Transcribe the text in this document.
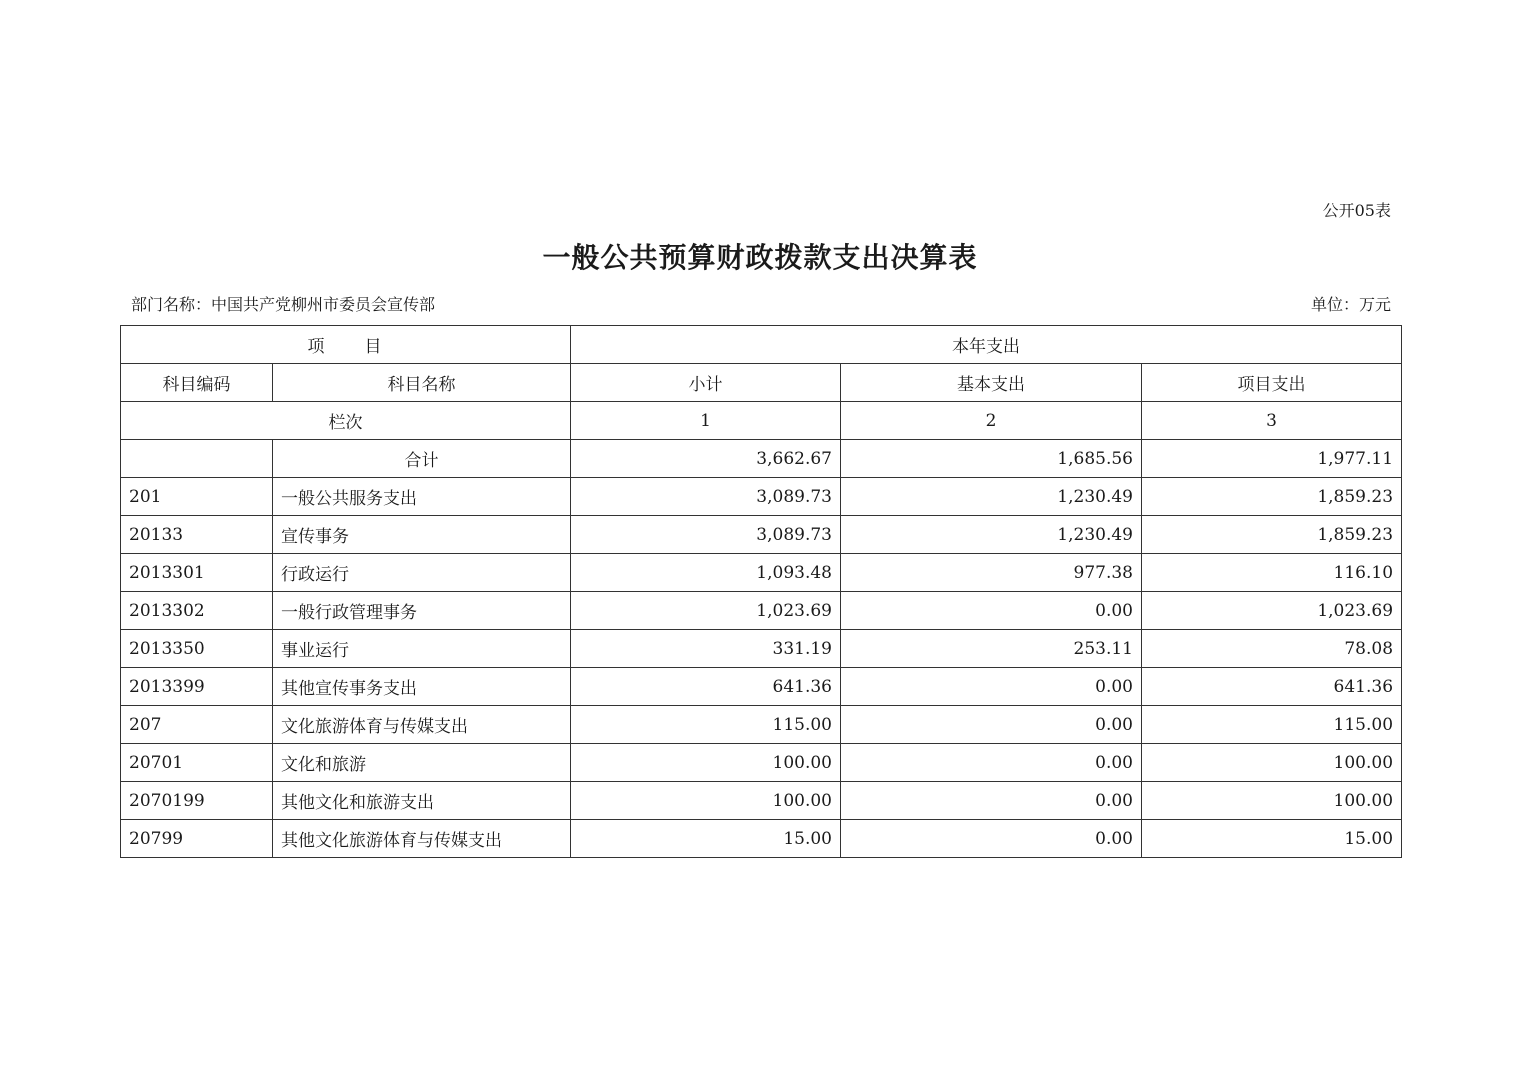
公开05表
一般公共预算财政拨款支出决算表
部门名称：中国共产党柳州市委员会宣传部	单位：万元
项　　目		本年支出		
科目编码	科目名称	小计	基本支出	项目支出
栏次		1	2	3
	合计	3,662.67	1,685.56	1,977.11
201	一般公共服务支出	3,089.73	1,230.49	1,859.23
20133	宣传事务	3,089.73	1,230.49	1,859.23
2013301	行政运行	1,093.48	977.38	116.10
2013302	一般行政管理事务	1,023.69	0.00	1,023.69
2013350	事业运行	331.19	253.11	78.08
2013399	其他宣传事务支出	641.36	0.00	641.36
207	文化旅游体育与传媒支出	115.00	0.00	115.00
20701	文化和旅游	100.00	0.00	100.00
2070199	其他文化和旅游支出	100.00	0.00	100.00
20799	其他文化旅游体育与传媒支出	15.00	0.00	15.00
